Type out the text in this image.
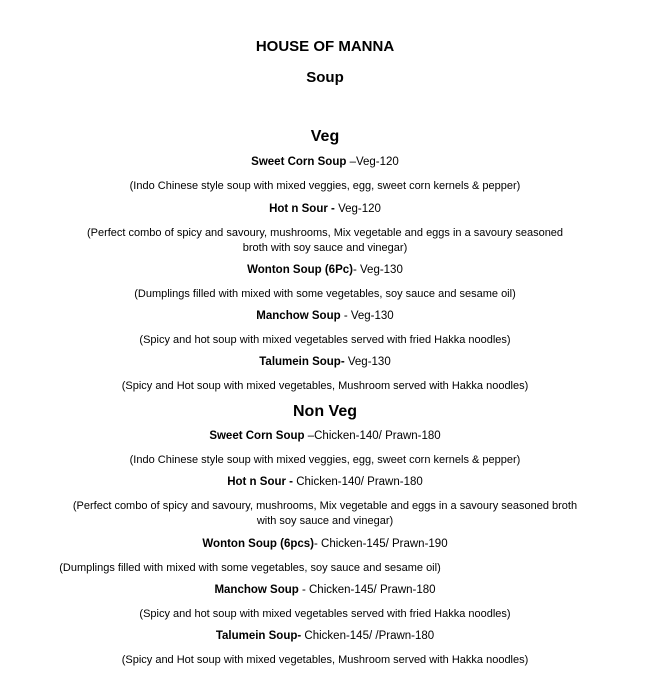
HOUSE OF MANNA
Soup
Veg
Sweet Corn Soup –Veg-120
(Indo Chinese style soup with mixed veggies, egg, sweet corn kernels & pepper)
Hot n Sour - Veg-120
(Perfect combo of spicy and savoury, mushrooms, Mix vegetable and eggs in a savoury seasoned
broth with soy sauce and vinegar)
Wonton Soup (6Pc)- Veg-130
(Dumplings filled with mixed with some vegetables, soy sauce and sesame oil)
Manchow Soup - Veg-130
(Spicy and hot soup with mixed vegetables served with fried Hakka noodles)
Talumein Soup- Veg-130
(Spicy and Hot soup with mixed vegetables, Mushroom served with Hakka noodles)
Non Veg
Sweet Corn Soup –Chicken-140/ Prawn-180
(Indo Chinese style soup with mixed veggies, egg, sweet corn kernels & pepper)
Hot n Sour - Chicken-140/ Prawn-180
(Perfect combo of spicy and savoury, mushrooms, Mix vegetable and eggs in a savoury seasoned broth
with soy sauce and vinegar)
Wonton Soup (6pcs)- Chicken-145/ Prawn-190
(Dumplings filled with mixed with some vegetables, soy sauce and sesame oil)
Manchow Soup - Chicken-145/ Prawn-180
(Spicy and hot soup with mixed vegetables served with fried Hakka noodles)
Talumein Soup- Chicken-145/ /Prawn-180
(Spicy and Hot soup with mixed vegetables, Mushroom served with Hakka noodles)
